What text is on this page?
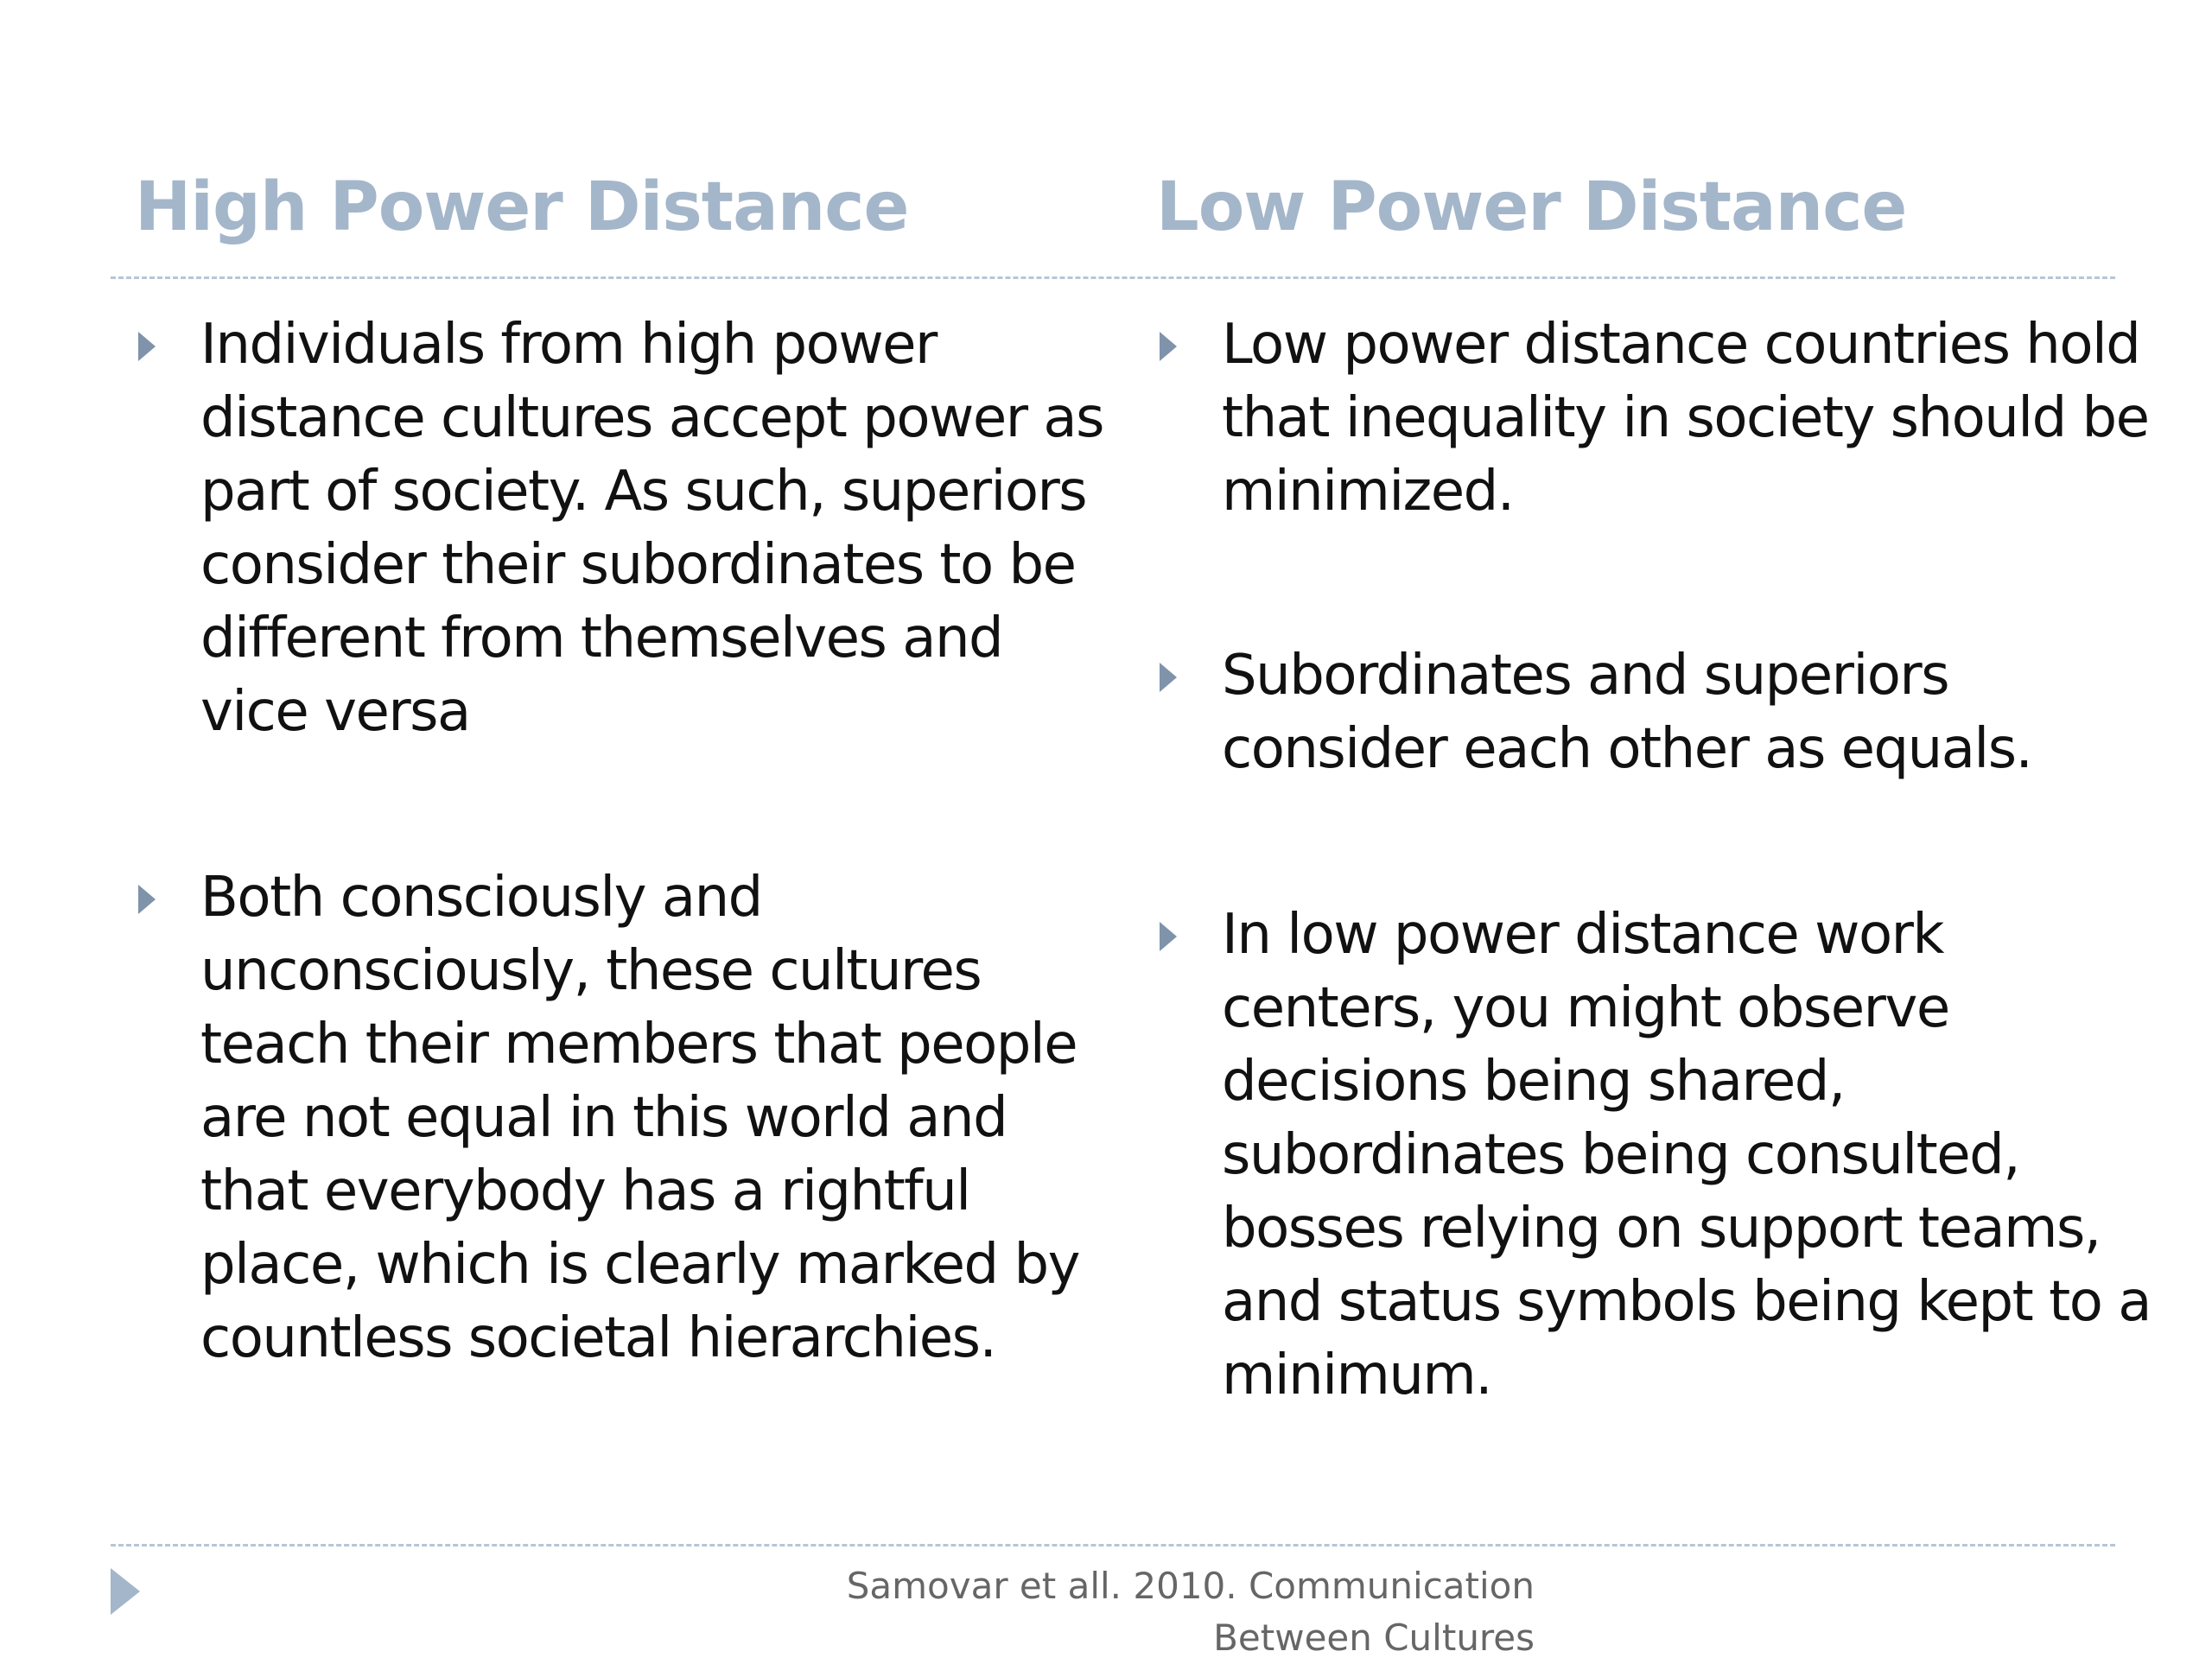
High Power Distance	Low Power Distance
Individuals from high power distance cultures accept power as part of society. As such, superiors consider their subordinates to be different from themselves and vice versa
Both consciously and unconsciously, these cultures teach their members that people are not equal in this world and that everybody has a rightful place, which is clearly marked by countless societal hierarchies.
Low power distance countries hold that inequality in society should be minimized.
Subordinates and superiors consider each other as equals.
In low power distance work centers, you might observe decisions being shared, subordinates being consulted, bosses relying on support teams, and status symbols being kept to a minimum.
Samovar et all. 2010. Communication
Between Cultures
